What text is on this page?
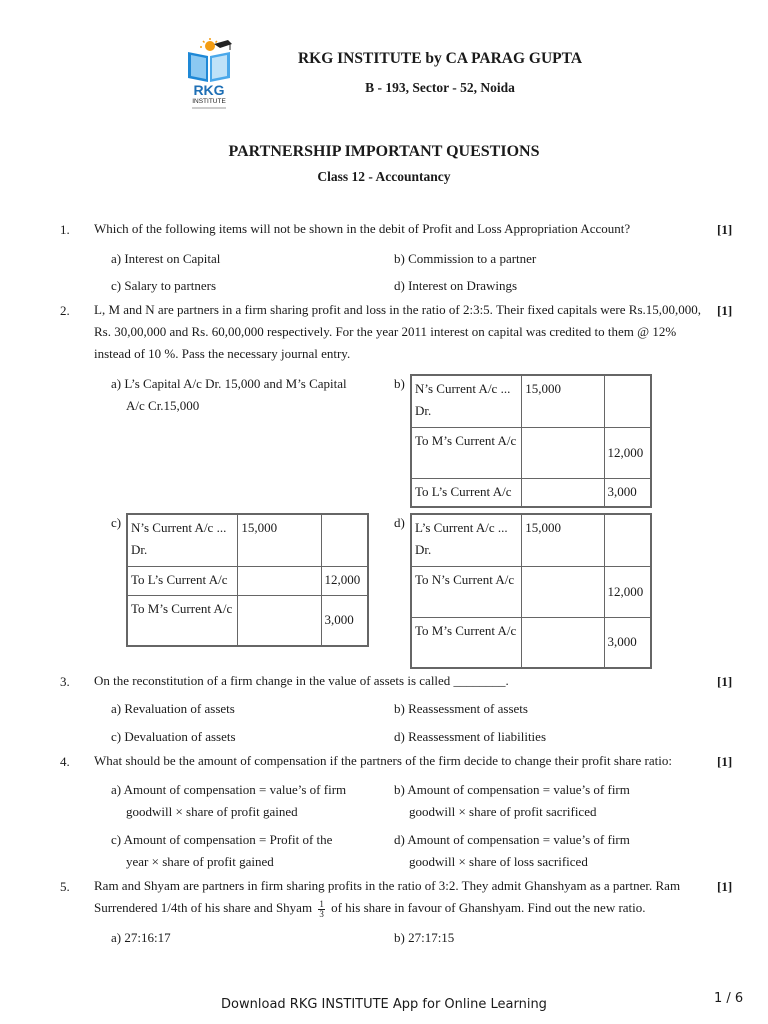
RKG
INSTITUTE
RKG INSTITUTE by CA PARAG GUPTA
B - 193, Sector - 52, Noida
PARTNERSHIP IMPORTANT QUESTIONS
Class 12 - Accountancy
1.	Which of the following items will not be shown in the debit of Profit and Loss Appropriation Account?	[1]
a) Interest on Capital	b) Commission to a partner
c) Salary to partners	d) Interest on Drawings
2.	L, M and N are partners in a firm sharing profit and loss in the ratio of 2:3:5. Their fixed capitals were Rs.15,00,000, Rs. 30,00,000 and Rs. 60,00,000 respectively. For the year 2011 interest on capital was credited to them @ 12% instead of 10 %. Pass the necessary journal entry.
[1]
a) L’s Capital A/c Dr. 15,000 and M’s Capital
A/c Cr.15,000
b) N’s Current A/c ... Dr.	15,000	
To M’s Current A/c		12,000
To L’s Current A/c		3,000
c) N’s Current A/c ... Dr.	15,000	
To L’s Current A/c		12,000
To M’s Current A/c		3,000
d) L’s Current A/c ... Dr.	15,000	
To N’s Current A/c		12,000
To M’s Current A/c		3,000
3.	On the reconstitution of a firm change in the value of assets is called ________.	[1]
a) Revaluation of assets	b) Reassessment of assets
c) Devaluation of assets	d) Reassessment of liabilities
4.	What should be the amount of compensation if the partners of the firm decide to change their profit share ratio:	[1]
a) Amount of compensation = value’s of firm
goodwill × share of profit gained
b) Amount of compensation = value’s of firm
goodwill × share of profit sacrificed
c) Amount of compensation = Profit of the
year × share of profit gained
d) Amount of compensation = value’s of firm
goodwill × share of loss sacrificed
5.	Ram and Shyam are partners in firm sharing profits in the ratio of 3:2. They admit Ghanshyam as a partner. Ram
Surrendered 1/4th of his share and Shyam $\frac{1}{3}$ of his share in favour of Ghanshyam. Find out the new ratio.
[1]
a) 27:16:17	b) 27:17:15
Download RKG INSTITUTE App for Online Learning	1 / 6
